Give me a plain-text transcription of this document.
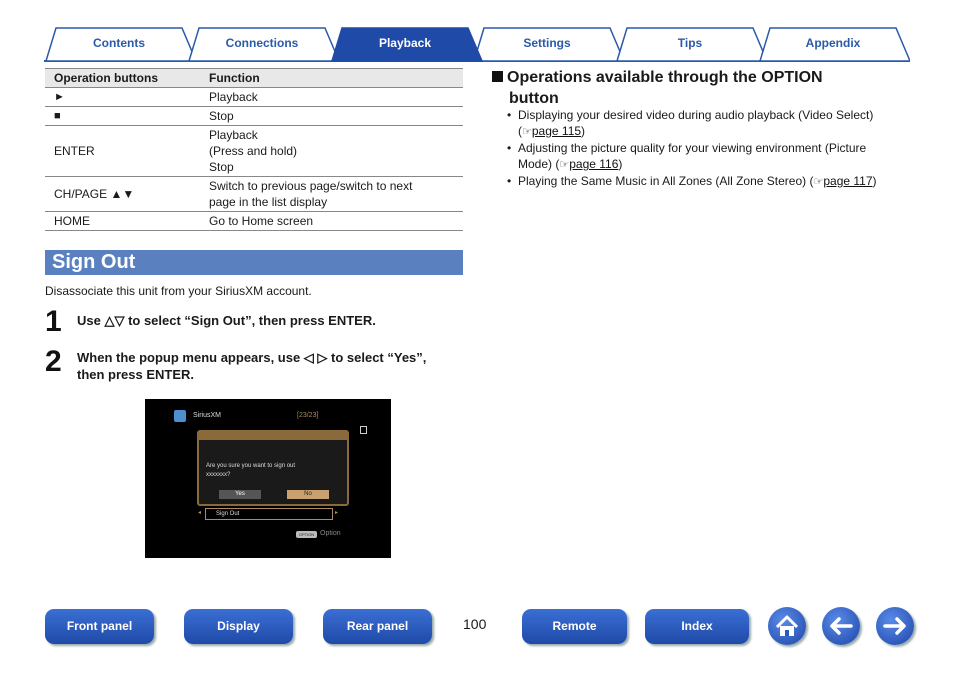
Contents	Connections	Playback	Settings	Tips	Appendix
Operation buttons	Function
►	Playback
■	Stop
ENTER	Playback
(Press and hold)
Stop

CH/PAGE ▲▼	Switch to previous page/switch to next
page in the list display

HOME	Go to Home screen
Sign Out
Disassociate this unit from your SiriusXM account.
1 Use △▽ to select “Sign Out”, then press ENTER.
2 When the popup menu appears, use ◁ ▷ to select “Yes”,
then press ENTER.
SiriusXM	[23/23]
Are you sure you want to sign out
xxxxxxx?
Yes	No
◂	Sign Out	▸
OPTION Option
Operations available through the OPTION
button
• Displaying your desired video during audio playback (Video Select)
(☞page 115)
• Adjusting the picture quality for your viewing environment (Picture
Mode) (☞page 116)
• Playing the Same Music in All Zones (All Zone Stereo) (☞page 117)
Front panel	Display	Rear panel	100	Remote	Index
